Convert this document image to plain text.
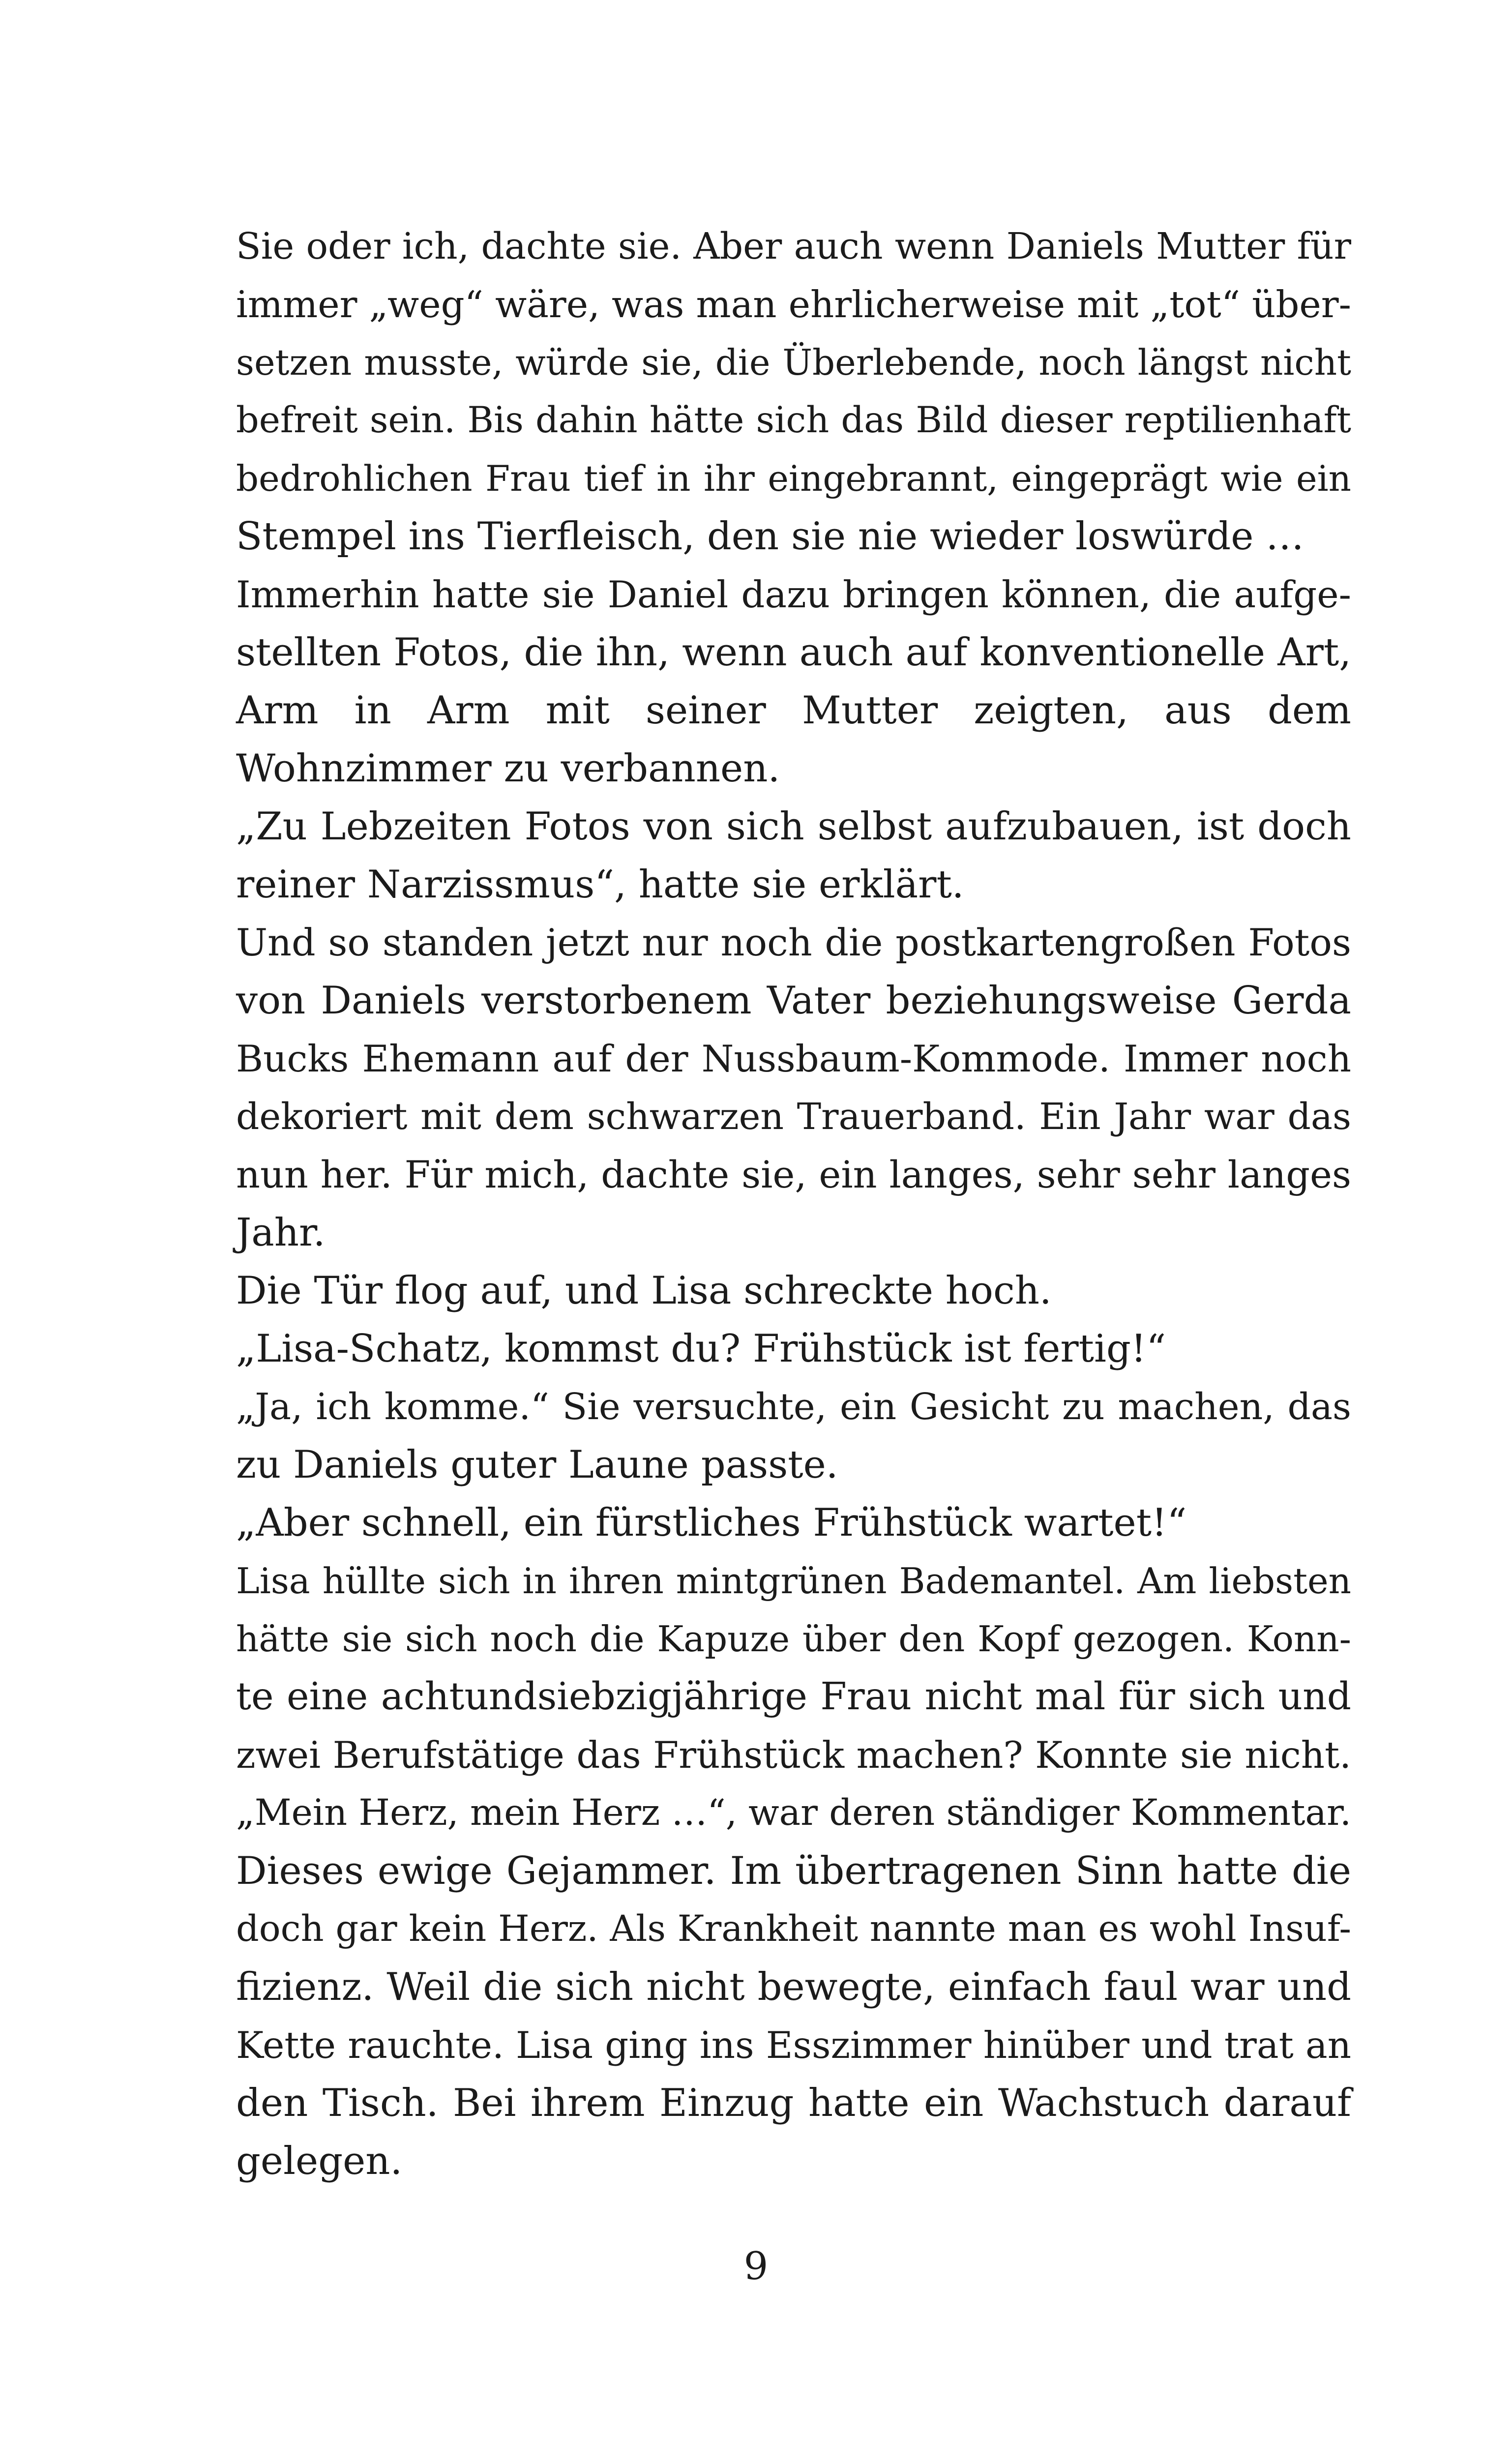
Sie oder ich, dachte sie. Aber auch wenn Daniels Mutter für
immer „weg“ wäre, was man ehrlicherweise mit „tot“ über-
setzen musste, würde sie, die Überlebende, noch längst nicht
befreit sein. Bis dahin hätte sich das Bild dieser reptilienhaft
bedrohlichen Frau tief in ihr eingebrannt, eingeprägt wie ein
Stempel ins Tierfleisch, den sie nie wieder loswürde …
Immerhin hatte sie Daniel dazu bringen können, die aufge-
stellten Fotos, die ihn, wenn auch auf konventionelle Art,
Arm in Arm mit seiner Mutter zeigten, aus dem
Wohnzimmer zu verbannen.
„Zu Lebzeiten Fotos von sich selbst aufzubauen, ist doch
reiner Narzissmus“, hatte sie erklärt.
Und so standen jetzt nur noch die postkartengroßen Fotos
von Daniels verstorbenem Vater beziehungsweise Gerda
Bucks Ehemann auf der Nussbaum-Kommode. Immer noch
dekoriert mit dem schwarzen Trauerband. Ein Jahr war das
nun her. Für mich, dachte sie, ein langes, sehr sehr langes
Jahr.
Die Tür flog auf, und Lisa schreckte hoch.
„Lisa-Schatz, kommst du? Frühstück ist fertig!“
„Ja, ich komme.“ Sie versuchte, ein Gesicht zu machen, das
zu Daniels guter Laune passte.
„Aber schnell, ein fürstliches Frühstück wartet!“
Lisa hüllte sich in ihren mintgrünen Bademantel. Am liebsten
hätte sie sich noch die Kapuze über den Kopf gezogen. Konn-
te eine achtundsiebzigjährige Frau nicht mal für sich und
zwei Berufstätige das Frühstück machen? Konnte sie nicht.
„Mein Herz, mein Herz …“, war deren ständiger Kommentar.
Dieses ewige Gejammer. Im übertragenen Sinn hatte die
doch gar kein Herz. Als Krankheit nannte man es wohl Insuf-
fizienz. Weil die sich nicht bewegte, einfach faul war und
Kette rauchte. Lisa ging ins Esszimmer hinüber und trat an
den Tisch. Bei ihrem Einzug hatte ein Wachstuch darauf
gelegen.
9
